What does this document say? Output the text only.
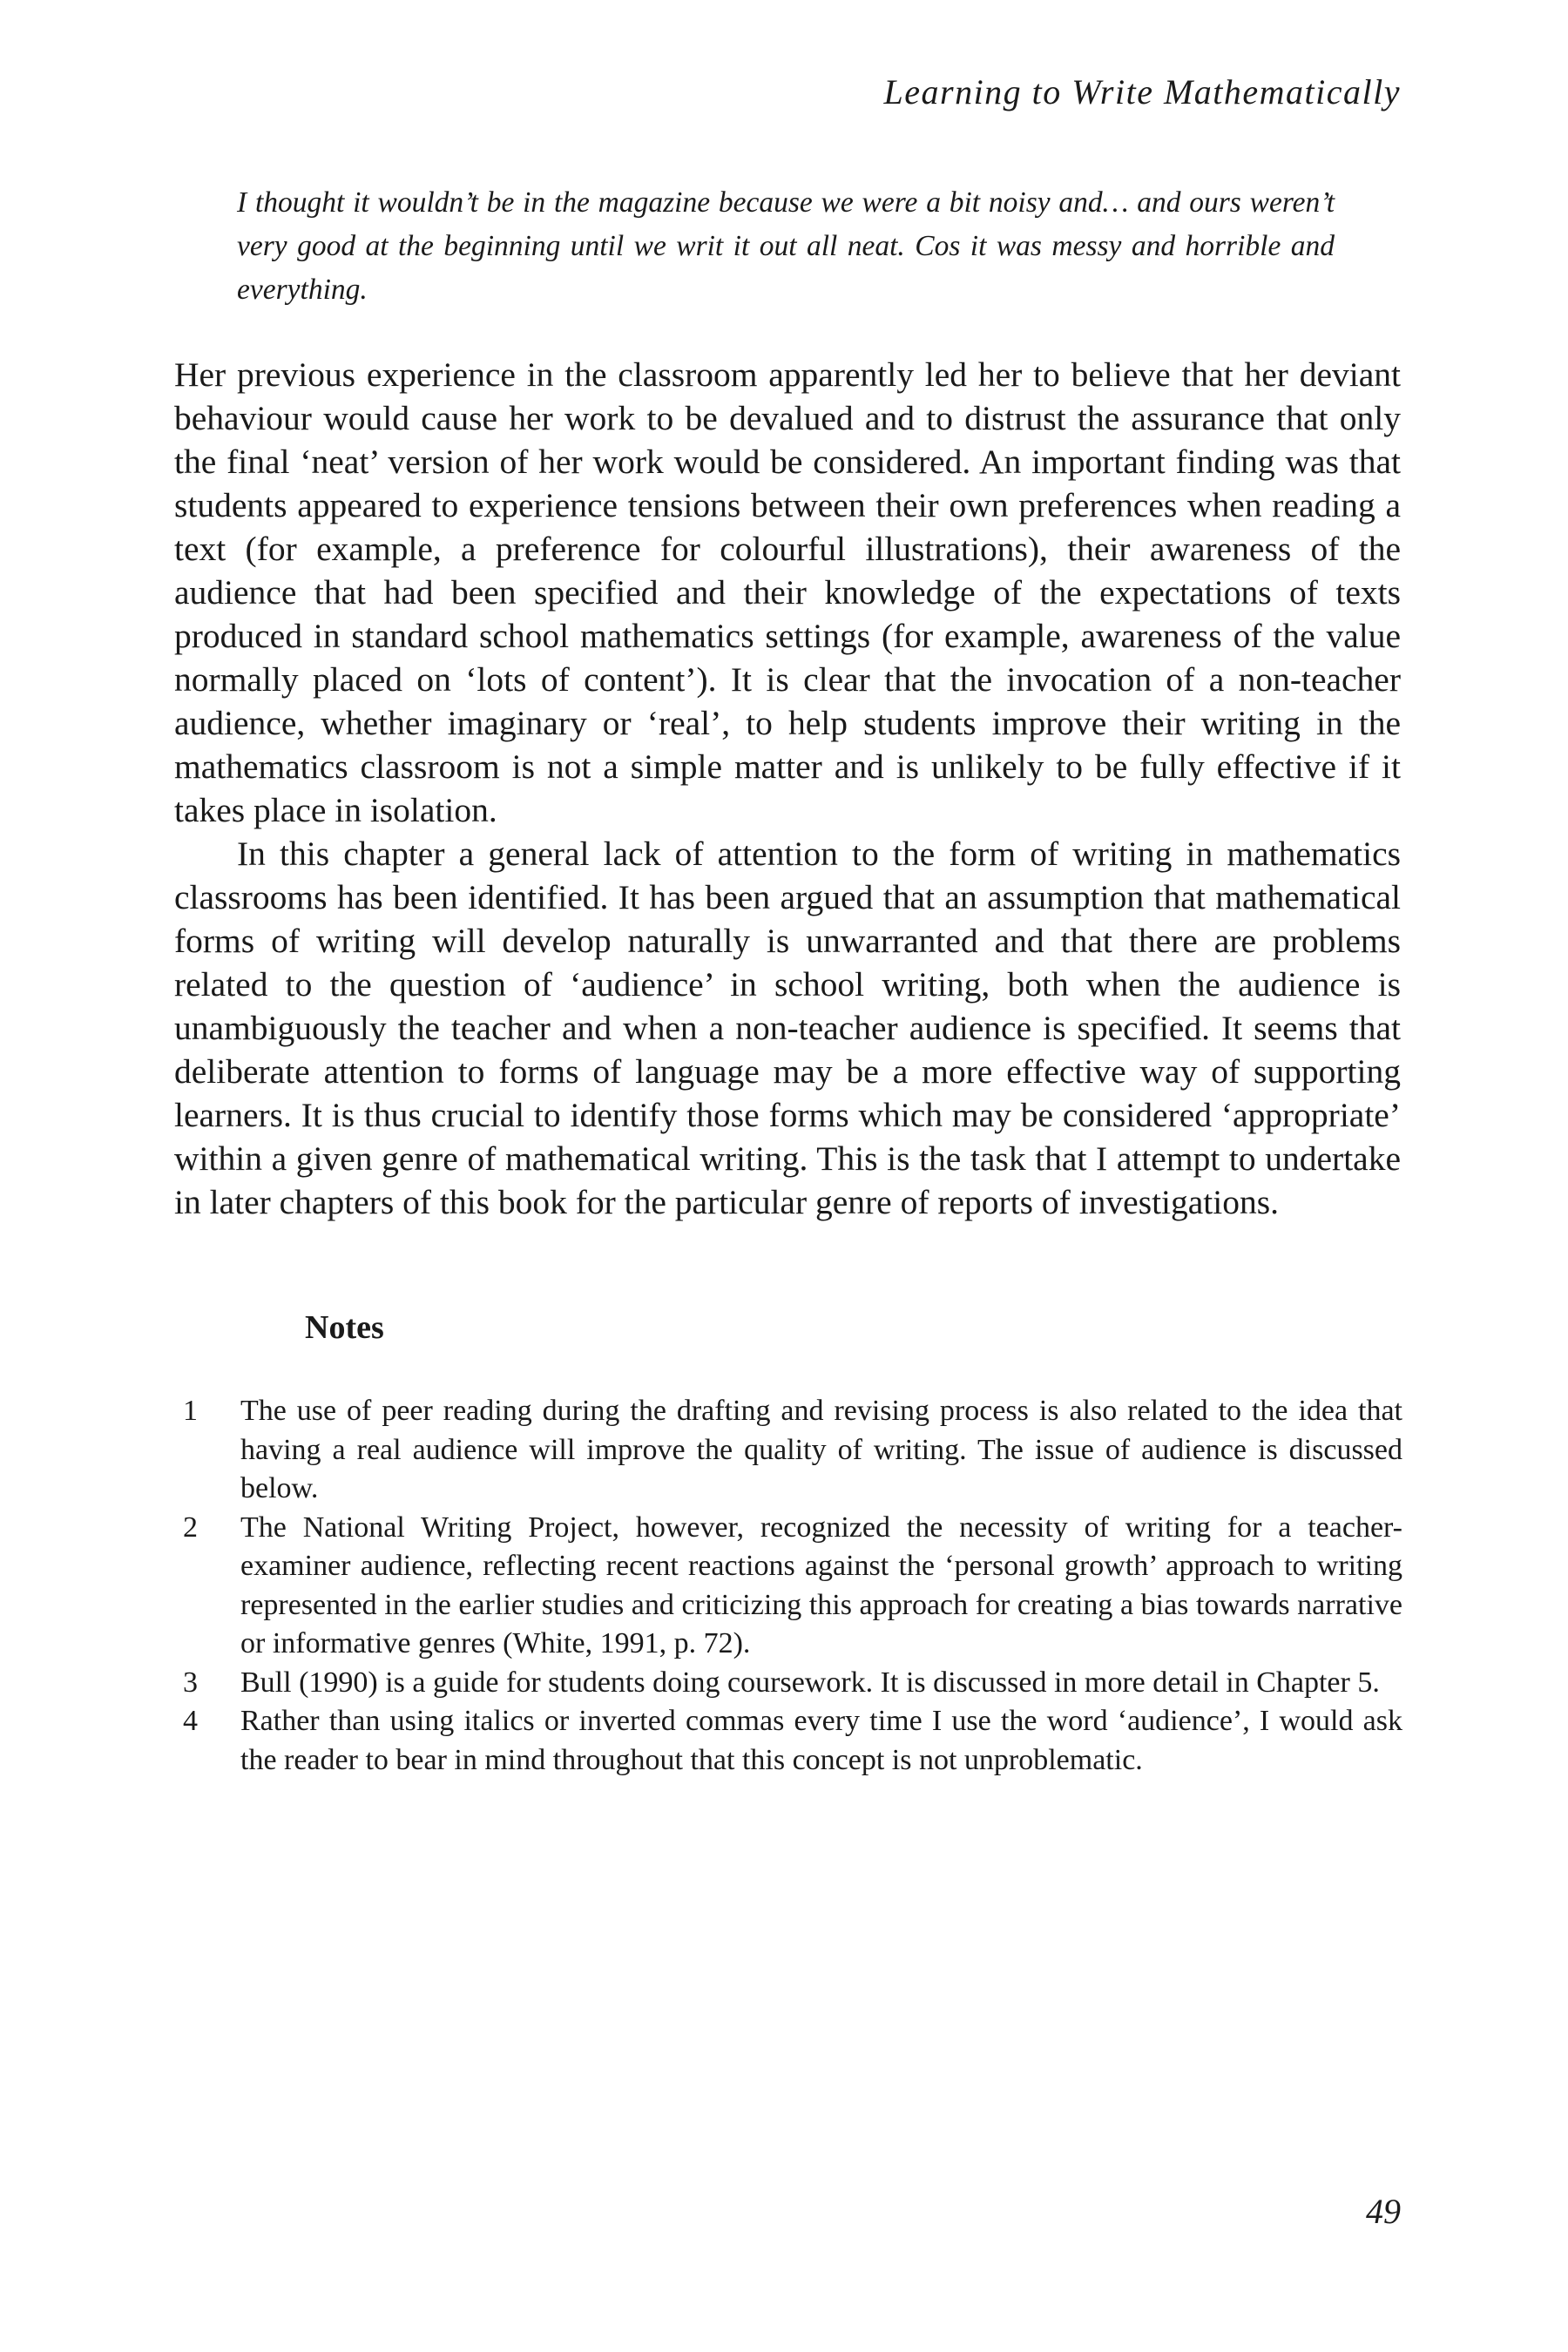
Learning to Write Mathematically

I thought it wouldn’t be in the magazine because we were a bit noisy and… and ours weren’t very good at the beginning until we writ it out all neat. Cos it was messy and horrible and everything.

Her previous experience in the classroom apparently led her to believe that her deviant behaviour would cause her work to be devalued and to distrust the assurance that only the final ‘neat’ version of her work would be considered. An important finding was that students appeared to experience tensions between their own preferences when reading a text (for example, a preference for colourful illustrations), their awareness of the audience that had been specified and their knowledge of the expectations of texts produced in standard school mathematics settings (for example, awareness of the value normally placed on ‘lots of content’). It is clear that the invocation of a non-teacher audience, whether imaginary or ‘real’, to help students improve their writing in the mathematics classroom is not a simple matter and is unlikely to be fully effective if it takes place in isolation.

In this chapter a general lack of attention to the form of writing in mathematics classrooms has been identified. It has been argued that an assumption that mathematical forms of writing will develop naturally is unwarranted and that there are problems related to the question of ‘audience’ in school writing, both when the audience is unambiguously the teacher and when a non-teacher audience is specified. It seems that deliberate attention to forms of language may be a more effective way of supporting learners. It is thus crucial to identify those forms which may be considered ‘appropriate’ within a given genre of mathematical writing. This is the task that I attempt to undertake in later chapters of this book for the particular genre of reports of investigations.

Notes
1	The use of peer reading during the drafting and revising process is also related to the idea that having a real audience will improve the quality of writing. The issue of audience is discussed below.
2	The National Writing Project, however, recognized the necessity of writing for a teacher-examiner audience, reflecting recent reactions against the ‘personal growth’ approach to writing represented in the earlier studies and criticizing this approach for creating a bias towards narrative or informative genres (White, 1991, p. 72).
3	Bull (1990) is a guide for students doing coursework. It is discussed in more detail in Chapter 5.
4	Rather than using italics or inverted commas every time I use the word ‘audience’, I would ask the reader to bear in mind throughout that this concept is not unproblematic.

49
